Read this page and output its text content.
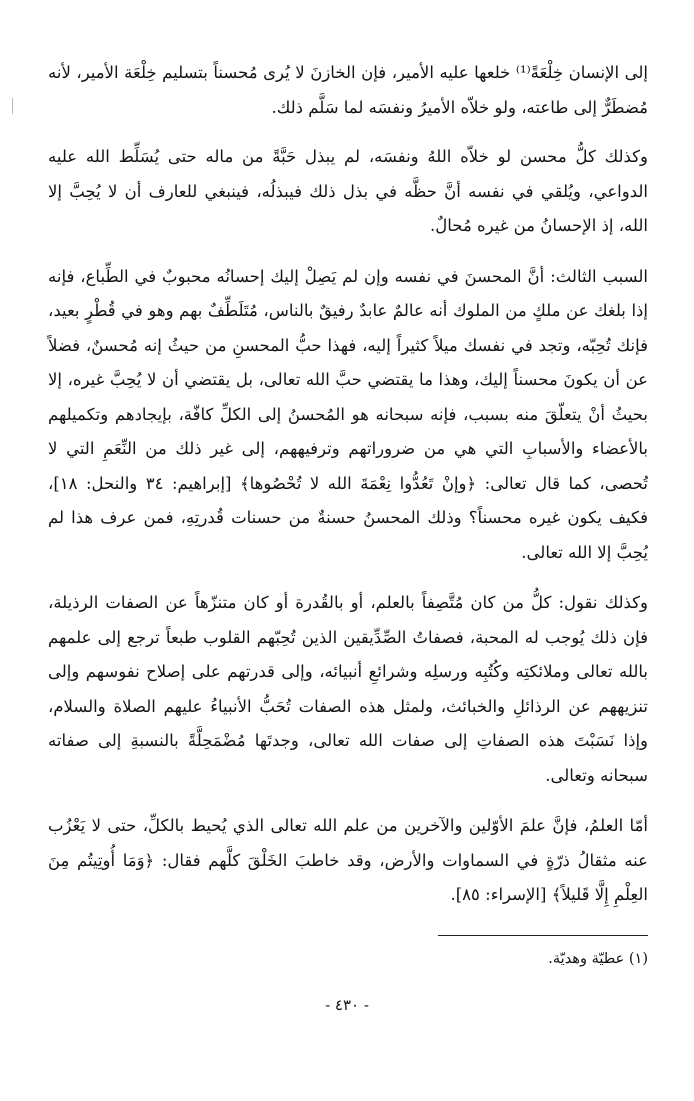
إلى الإنسان خِلْعَةً⁽¹⁾ خلعها عليه الأمير، فإن الخازنَ لا يُرى مُحسناً بتسليم خِلْعَة الأمير، لأنه مُضطَرٌّ إلى طاعته، ولو خلاّه الأميرُ ونفسَه لما سَلَّم ذلك.

وكذلك كلُّ محسن لو خلاّه اللهُ ونفسَه، لم يبذل حَبَّةً من ماله حتى يُسَلِّط الله عليه الدواعي، ويُلقي في نفسه أنَّ حظَّه في بذل ذلك فيبذلُه، فينبغي للعارف أن لا يُحِبَّ إلا الله، إذ الإحسانُ من غيره مُحالٌ.

السبب الثالث: أنَّ المحسنَ في نفسه وإن لم يَصِلْ إليك إحسانُه محبوبٌ في الطِّباع، فإنه إذا بلغك عن ملكٍ من الملوك أنه عالمٌ عابدٌ رفيقٌ بالناس، مُتَلَطِّفٌ بهم وهو في قُطْرٍ بعيد، فإنك تُحِبّه، وتجد في نفسك ميلاً كثيراً إليه، فهذا حبُّ المحسنِ من حيثُ إنه مُحسنٌ، فضلاً عن أن يكونَ محسناً إليك، وهذا ما يقتضي حبَّ الله تعالى، بل يقتضي أن لا يُحِبَّ غيره، إلا بحيثُ أنْ يتعلّقَ منه بسبب، فإنه سبحانه هو المُحسنُ إلى الكلِّ كافّة، بإيجادهم وتكميلهم بالأعضاء والأسبابِ التي هي من ضروراتهم وترفيههم، إلى غير ذلك من النِّعَمِ التي لا تُحصى، كما قال تعالى: ﴿وإنْ تَعُدُّوا نِعْمَةَ الله لا تُحْصُوها﴾ [إبراهيم: ٣٤ والنحل: ١٨]، فكيف يكون غيره محسناً؟ وذلك المحسنُ حسنةٌ من حسنات قُدرتِهِ، فمن عرف هذا لم يُحِبَّ إلا الله تعالى.

وكذلك نقول: كلُّ من كان مُتَّصِفاً بالعلم، أو بالقُدرة أو كان متنزّهاً عن الصفات الرذيلة، فإن ذلك يُوجب له المحبة، فصفاتُ الصِّدِّيقين الذين تُحِبّهم القلوب طبعاً ترجع إلى علمهم بالله تعالى وملائكتِه وكُتُبِه ورسلِه وشرائعِ أنبيائه، وإلى قدرتهم على إصلاح نفوسهم وإلى تنزيههم عن الرذائلِ والخبائث، ولمثل هذه الصفات تُحَبُّ الأنبياءُ عليهم الصلاة والسلام، وإذا نَسَبْتَ هذه الصفاتِ إلى صفات الله تعالى، وجدتَها مُضْمَحِلَّةً بالنسبةِ إلى صفاته سبحانه وتعالى.

أمّا العلمُ، فإنَّ علمَ الأوّلين والآخرين من علم الله تعالى الذي يُحيط بالكلِّ، حتى لا يَعْزُب عنه مثقالُ ذرّةٍ في السماوات والأرض، وقد خاطبَ الخَلْقَ كلَّهم فقال: ﴿وَمَا أُوتِيتُم مِنَ العِلْمِ إِلَّا قَليلاً﴾ [الإسراء: ٨٥].

(١) عطيّة وهديّة.
- ٤٣٠ -
